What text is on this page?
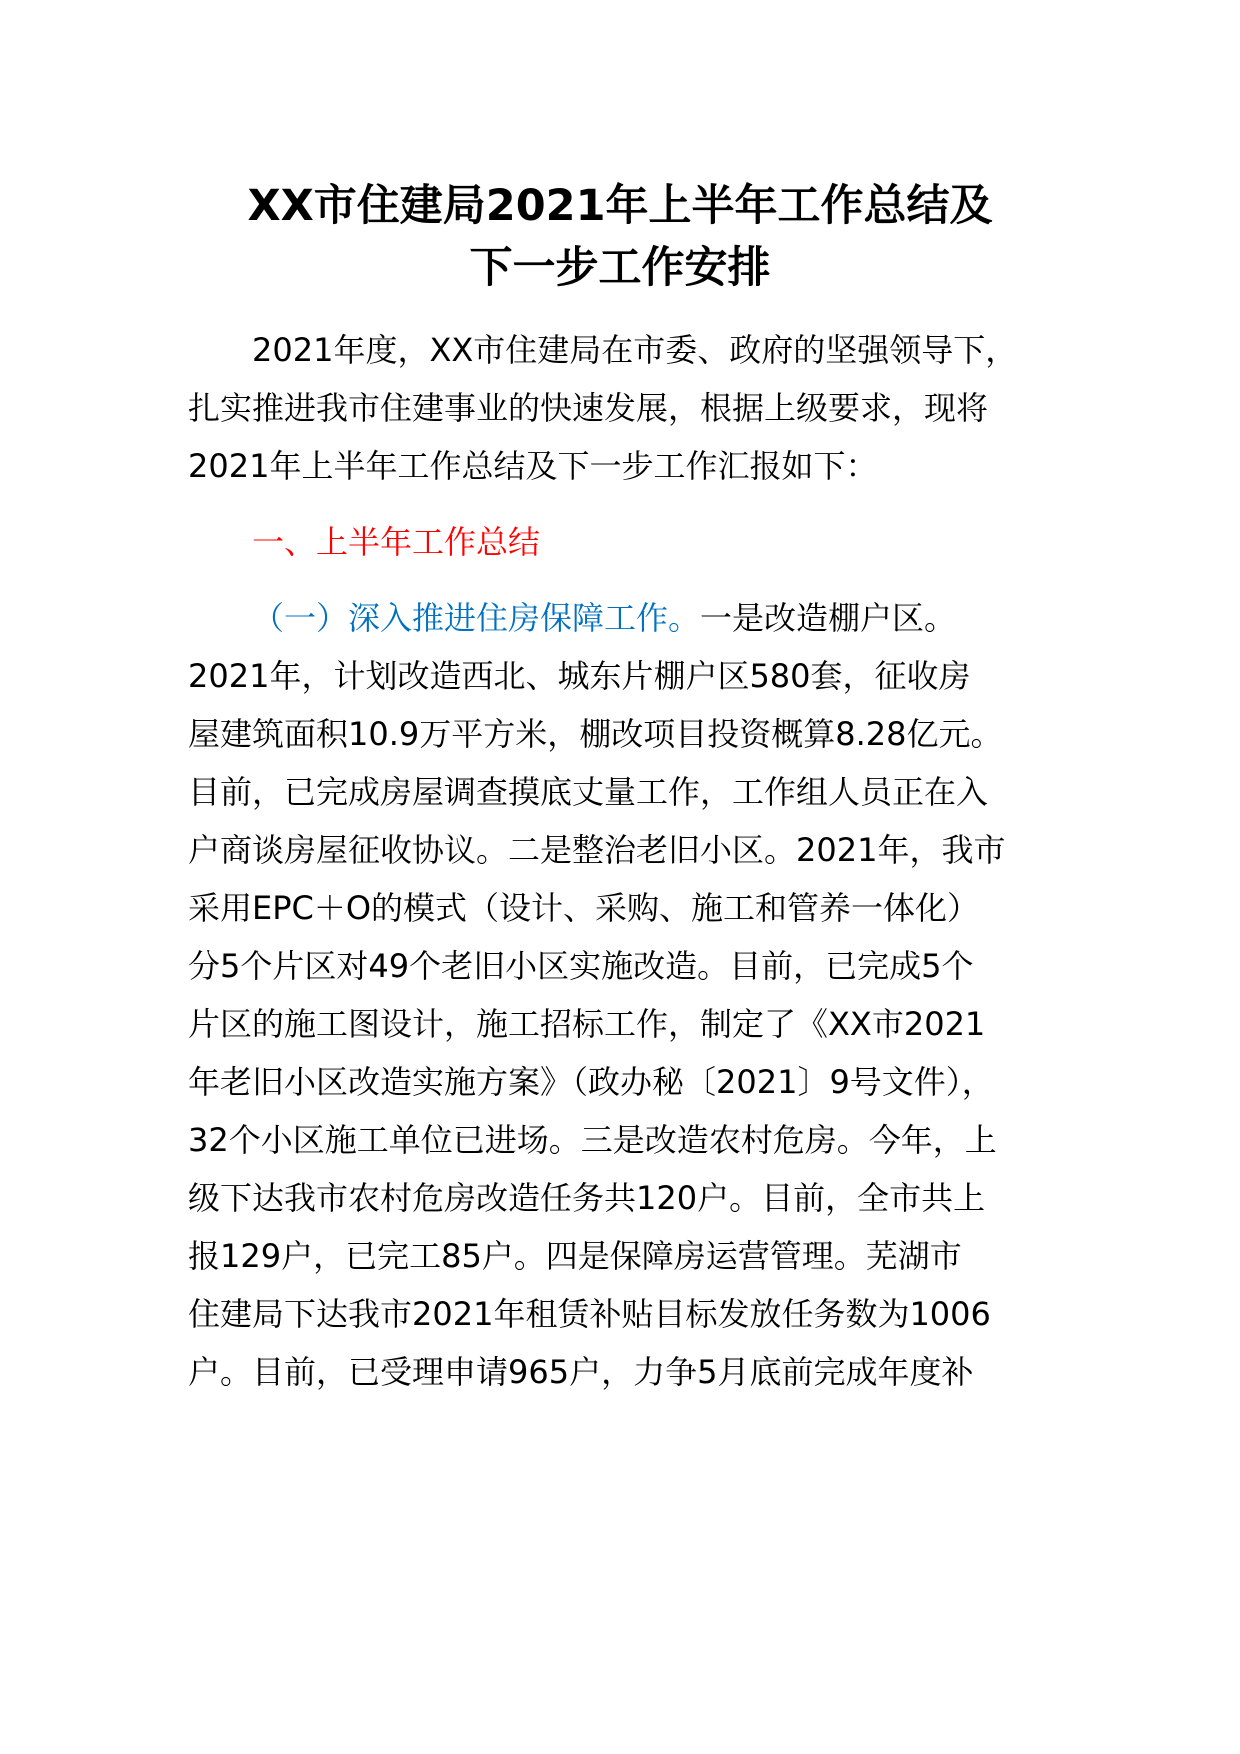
XX市住建局2021年上半年工作总结及
下一步工作安排
2021年度，XX市住建局在市委、政府的坚强领导下，
扎实推进我市住建事业的快速发展，根据上级要求，现将
2021年上半年工作总结及下一步工作汇报如下：
一、上半年工作总结
（一）深入推进住房保障工作。一是改造棚户区。
2021年，计划改造西北、城东片棚户区580套，征收房
屋建筑面积10.9万平方米，棚改项目投资概算8.28亿元。
目前，已完成房屋调查摸底丈量工作，工作组人员正在入
户商谈房屋征收协议。二是整治老旧小区。2021年，我市
采用EPC＋O的模式（设计、采购、施工和管养一体化）
分5个片区对49个老旧小区实施改造。目前，已完成5个
片区的施工图设计，施工招标工作，制定了《XX市2021
年老旧小区改造实施方案》（政办秘〔2021〕9号文件），
32个小区施工单位已进场。三是改造农村危房。今年，上
级下达我市农村危房改造任务共120户。目前，全市共上
报129户，已完工85户。四是保障房运营管理。芜湖市
住建局下达我市2021年租赁补贴目标发放任务数为1006
户。目前，已受理申请965户，力争5月底前完成年度补
